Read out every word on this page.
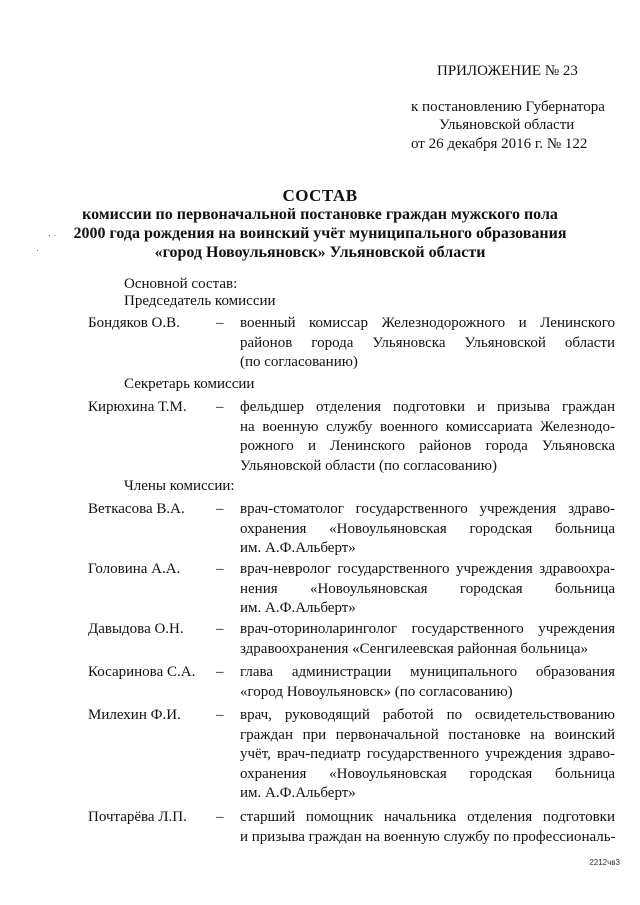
ПРИЛОЖЕНИЕ № 23
к постановлению Губернатора
Ульяновской области
от 26 декабря 2016 г. № 122
СОСТАВ
комиссии по первоначальной постановке граждан мужского пола
2000 года рождения на воинский учёт муниципального образования
«город Новоульяновск» Ульяновской области
· ·
·
Основной состав:
Председатель комиссии
Бондяков О.В. – военный комиссар Железнодорожного и Ленинского
районов города Ульяновска Ульяновской области
(по согласованию)
Секретарь комиссии
Кирюхина Т.М. – фельдшер отделения подготовки и призыва граждан
на военную службу военного комиссариата Железнодо-
рожного и Ленинского районов города Ульяновска
Ульяновской области (по согласованию)
Члены комиссии:
Веткасова В.А. – врач-стоматолог государственного учреждения здраво-
охранения «Новоульяновская городская больница
им. А.Ф.Альберт»
Головина А.А. – врач-невролог государственного учреждения здравоохра-
нения «Новоульяновская городская больница
им. А.Ф.Альберт»
Давыдова О.Н. – врач-оториноларинголог государственного учреждения
здравоохранения «Сенгилеевская районная больница»
Косаринова С.А. – глава администрации муниципального образования
«город Новоульяновск» (по согласованию)
Милехин Ф.И. – врач, руководящий работой по освидетельствованию
граждан при первоначальной постановке на воинский
учёт, врач-педиатр государственного учреждения здраво-
охранения «Новоульяновская городская больница
им. А.Ф.Альберт»
Почтарёва Л.П. – старший помощник начальника отделения подготовки
и призыва граждан на военную службу по профессиональ-
2212чв3
